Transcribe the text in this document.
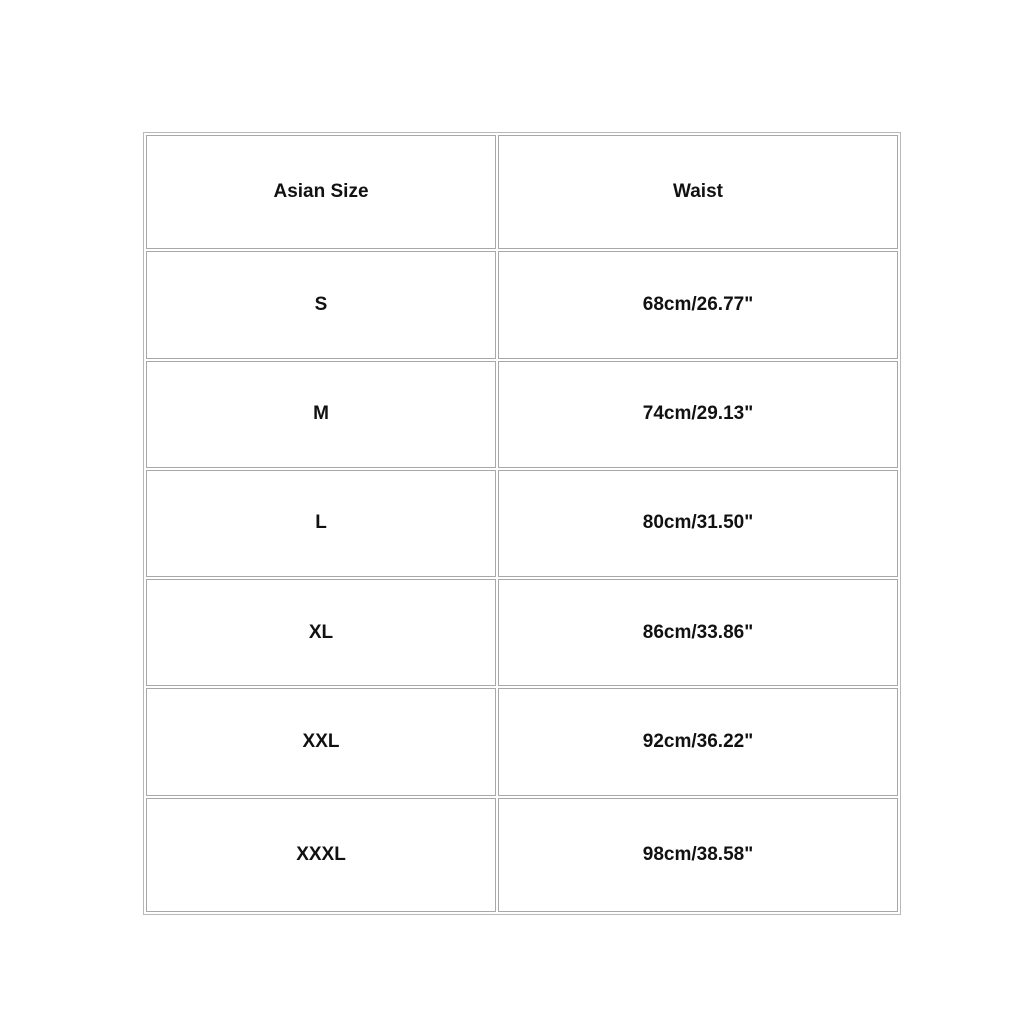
Asian Size	Waist
S	68cm/26.77"
M	74cm/29.13"
L	80cm/31.50"
XL	86cm/33.86"
XXL	92cm/36.22"
XXXL	98cm/38.58"
